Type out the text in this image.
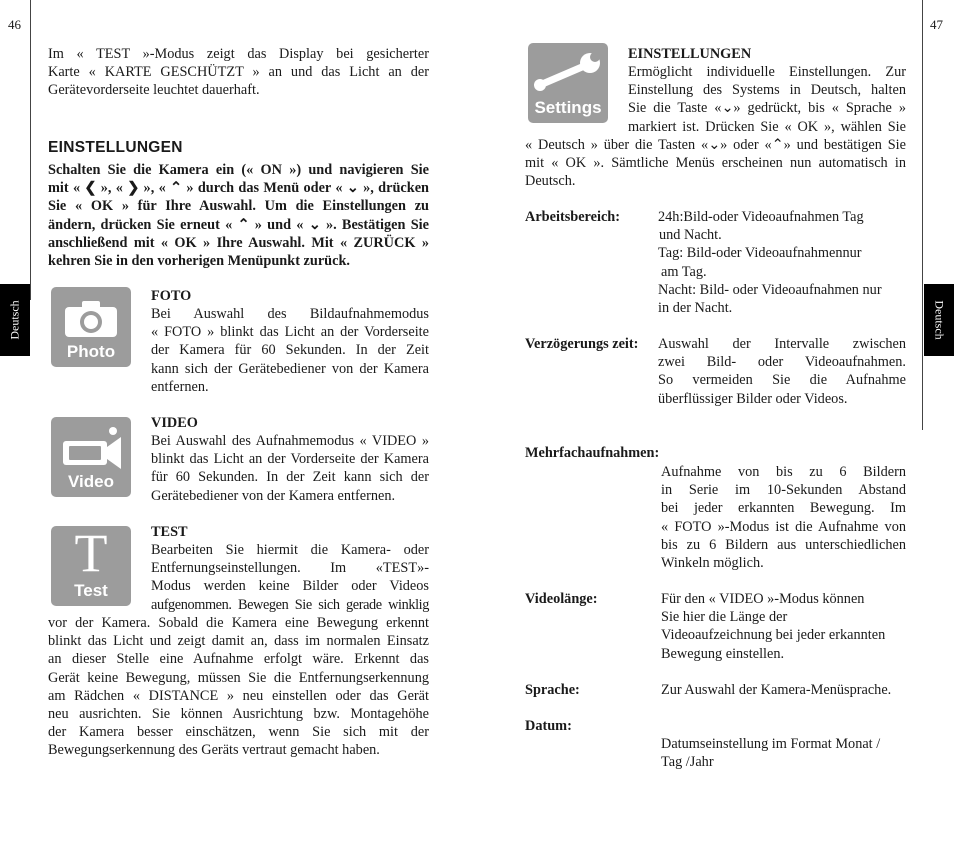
46	47
Deutsch	Deutsch
Im « TEST »-Modus zeigt das Display bei gesicherter
Karte « KARTE GESCHÜTZT » an und das Licht an der
Gerätevorderseite leuchtet dauerhaft.
EINSTELLUNGEN
Schalten Sie die Kamera ein (« ON ») und navigieren Sie
mit « ❮ », « ❯ », « ⌃ » durch das Menü oder « ⌄ », drücken
Sie « OK » für Ihre Auswahl. Um die Einstellungen zu
ändern, drücken Sie erneut « ⌃ » und « ⌄ ». Bestätigen Sie
anschließend mit « OK » Ihre Auswahl. Mit « ZURÜCK »
kehren Sie in den vorherigen Menüpunkt zurück.
Photo
FOTO
Bei Auswahl des Bildaufnahmemodus
« FOTO » blinkt das Licht an der Vorderseite
der Kamera für 60 Sekunden. In der Zeit
kann sich der Gerätebediener von der Kamera
entfernen.
Video
VIDEO
Bei Auswahl des Aufnahmemodus « VIDEO »
blinkt das Licht an der Vorderseite der Kamera
für 60 Sekunden. In der Zeit kann sich der
Gerätebediener von der Kamera entfernen.
T
Test
TEST
Bearbeiten Sie hiermit die Kamera- oder
Entfernungseinstellungen. Im «TEST»-
Modus werden keine Bilder oder Videos
aufgenommen. Bewegen Sie sich gerade winklig
vor der Kamera. Sobald die Kamera eine Bewegung erkennt
blinkt das Licht und zeigt damit an, dass im normalen Einsatz
an dieser Stelle eine Aufnahme erfolgt wäre. Erkennt das
Gerät keine Bewegung, müssen Sie die Entfernungserkennung
am Rädchen « DISTANCE » neu einstellen oder das Gerät
neu ausrichten. Sie können Ausrichtung bzw. Montagehöhe
der Kamera besser einschätzen, wenn Sie sich mit der
Bewegungserkennung des Geräts vertraut gemacht haben.
Settings
EINSTELLUNGEN
Ermöglicht individuelle Einstellungen. Zur
Einstellung des Systems in Deutsch, halten
Sie die Taste «⌄» gedrückt, bis « Sprache »
markiert ist. Drücken Sie « OK », wählen Sie
« Deutsch » über die Tasten «⌄» oder «⌃» und bestätigen Sie
mit « OK ». Sämtliche Menüs erscheinen nun automatisch in
Deutsch.
Arbeitsbereich:	24h:Bild-oder Videoaufnahmen Tag
und Nacht.
Tag: Bild-oder Videoaufnahmennur
am Tag.
Nacht: Bild- oder Videoaufnahmen nur
in der Nacht.
Verzögerungs zeit: Auswahl der Intervalle zwischen
zwei Bild- oder Videoaufnahmen.
So vermeiden Sie die Aufnahme
überflüssiger Bilder oder Videos.
Mehrfachaufnahmen:
Aufnahme von bis zu 6 Bildern
in Serie im 10-Sekunden Abstand
bei jeder erkannten Bewegung. Im
« FOTO »-Modus ist die Aufnahme von
bis zu 6 Bildern aus unterschiedlichen
Winkeln möglich.
Videolänge:	Für den « VIDEO »-Modus können
Sie hier die Länge der
Videoaufzeichnung bei jeder erkannten
Bewegung einstellen.
Sprache:	Zur Auswahl der Kamera-Menüsprache.
Datum:
Datumseinstellung im Format Monat /
Tag /Jahr
